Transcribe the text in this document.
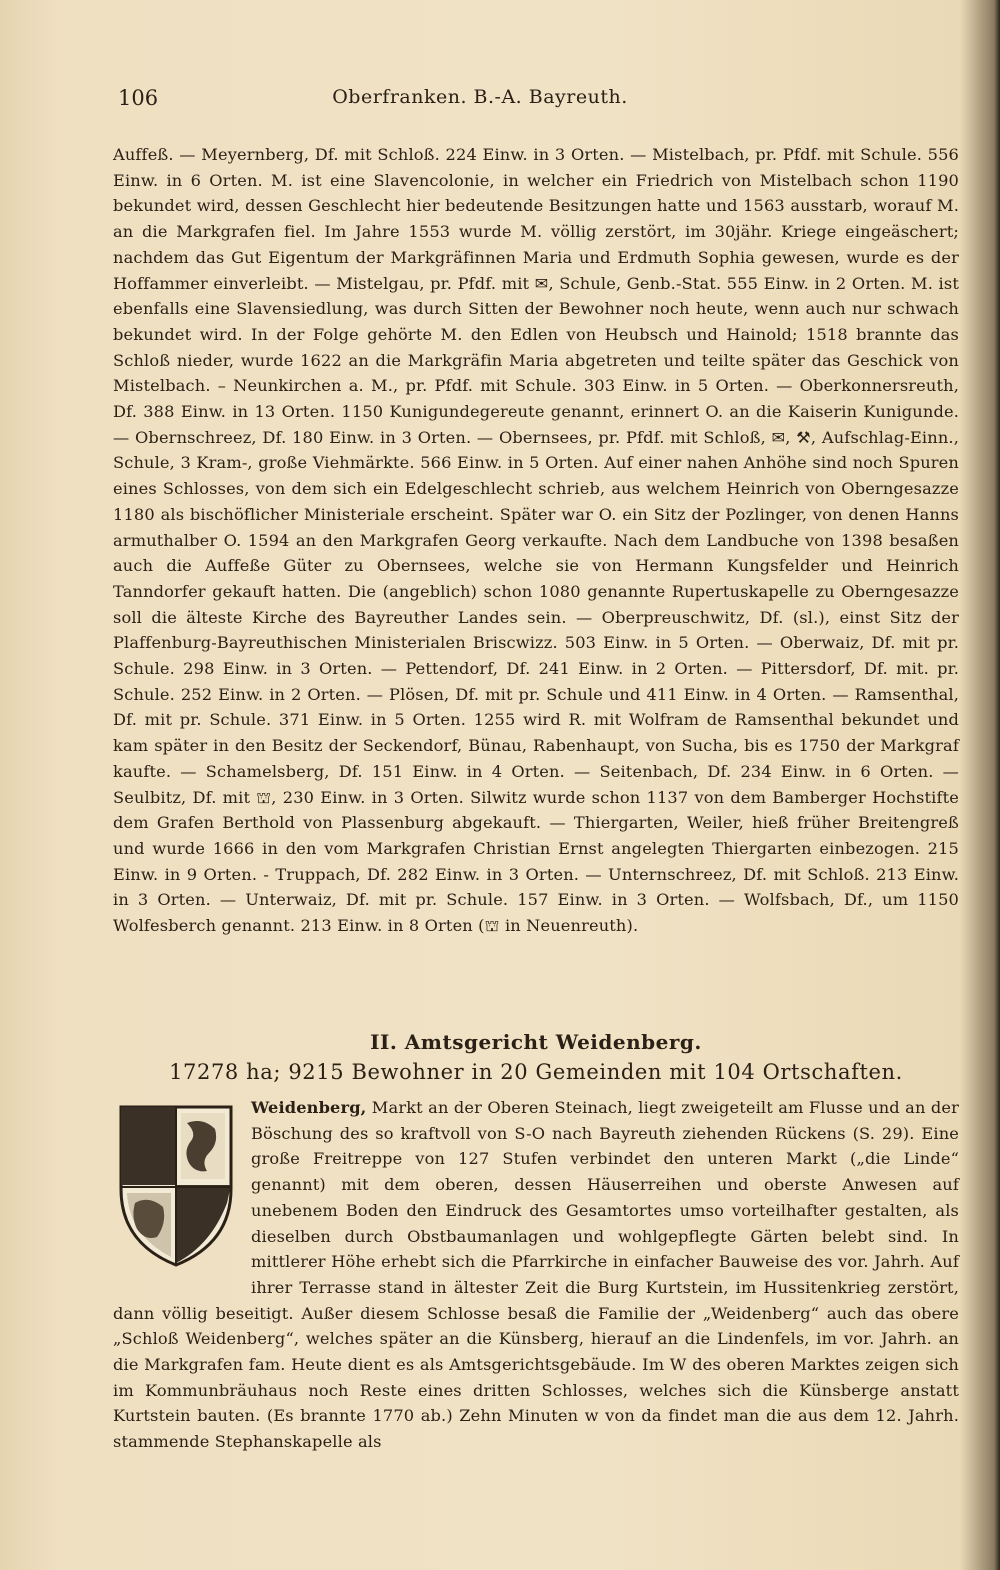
106	Oberfranken. B.-A. Bayreuth.

Auffeß. — Meyernberg, Df. mit Schloß. 224 Einw. in 3 Orten. — Mistelbach, pr. Pfdf. mit Schule. 556 Einw. in 6 Orten. M. ist eine Slavencolonie, in welcher ein Friedrich von Mistelbach schon 1190 bekundet wird, dessen Geschlecht hier bedeutende Besitzungen hatte und 1563 ausstarb, worauf M. an die Markgrafen fiel. Im Jahre 1553 wurde M. völlig zerstört, im 30jähr. Kriege eingeäschert; nachdem das Gut Eigentum der Markgräfinnen Maria und Erdmuth Sophia gewesen, wurde es der Hoffammer einverleibt. — Mistelgau, pr. Pfdf. mit ✉, Schule, Genb.-Stat. 555 Einw. in 2 Orten. M. ist ebenfalls eine Slavensiedlung, was durch Sitten der Bewohner noch heute, wenn auch nur schwach bekundet wird. In der Folge gehörte M. den Edlen von Heubsch und Hainold; 1518 brannte das Schloß nieder, wurde 1622 an die Markgräfin Maria abgetreten und teilte später das Geschick von Mistelbach. – Neunkirchen a. M., pr. Pfdf. mit Schule. 303 Einw. in 5 Orten. — Oberkonnersreuth, Df. 388 Einw. in 13 Orten. 1150 Kunigundegereute genannt, erinnert O. an die Kaiserin Kunigunde. — Obernschreez, Df. 180 Einw. in 3 Orten. — Obernsees, pr. Pfdf. mit Schloß, ✉, ⚒, Aufschlag-Einn., Schule, 3 Kram-, große Viehmärkte. 566 Einw. in 5 Orten. Auf einer nahen Anhöhe sind noch Spuren eines Schlosses, von dem sich ein Edelgeschlecht schrieb, aus welchem Heinrich von Oberngesazze 1180 als bischöflicher Ministeriale erscheint. Später war O. ein Sitz der Pozlinger, von denen Hanns armuthalber O. 1594 an den Markgrafen Georg verkaufte. Nach dem Landbuche von 1398 besaßen auch die Auffeße Güter zu Obernsees, welche sie von Hermann Kungsfelder und Heinrich Tanndorfer gekauft hatten. Die (angeblich) schon 1080 genannte Rupertuskapelle zu Oberngesazze soll die älteste Kirche des Bayreuther Landes sein. — Oberpreuschwitz, Df. (sl.), einst Sitz der Plaffenburg-Bayreuthischen Ministerialen Briscwizz. 503 Einw. in 5 Orten. — Oberwaiz, Df. mit pr. Schule. 298 Einw. in 3 Orten. — Pettendorf, Df. 241 Einw. in 2 Orten. — Pittersdorf, Df. mit. pr. Schule. 252 Einw. in 2 Orten. — Plösen, Df. mit pr. Schule und 411 Einw. in 4 Orten. — Ramsenthal, Df. mit pr. Schule. 371 Einw. in 5 Orten. 1255 wird R. mit Wolfram de Ramsenthal bekundet und kam später in den Besitz der Seckendorf, Bünau, Rabenhaupt, von Sucha, bis es 1750 der Markgraf kaufte. — Schamelsberg, Df. 151 Einw. in 4 Orten. — Seitenbach, Df. 234 Einw. in 6 Orten. — Seulbitz, Df. mit ⛫, 230 Einw. in 3 Orten. Silwitz wurde schon 1137 von dem Bamberger Hochstifte dem Grafen Berthold von Plassenburg abgekauft. — Thiergarten, Weiler, hieß früher Breitengreß und wurde 1666 in den vom Markgrafen Christian Ernst angelegten Thiergarten einbezogen. 215 Einw. in 9 Orten. - Truppach, Df. 282 Einw. in 3 Orten. — Unternschreez, Df. mit Schloß. 213 Einw. in 3 Orten. — Unterwaiz, Df. mit pr. Schule. 157 Einw. in 3 Orten. — Wolfsbach, Df., um 1150 Wolfesberch genannt. 213 Einw. in 8 Orten (⛫ in Neuenreuth).

II. Amtsgericht Weidenberg.
17278 ha; 9215 Bewohner in 20 Gemeinden mit 104 Ortschaften.

Weidenberg, Markt an der Oberen Steinach, liegt zweigeteilt am Flusse und an der Böschung des so kraftvoll von S-O nach Bayreuth ziehenden Rückens (S. 29). Eine große Freitreppe von 127 Stufen verbindet den unteren Markt („die Linde“ genannt) mit dem oberen, dessen Häuserreihen und oberste Anwesen auf unebenem Boden den Eindruck des Gesamtortes umso vorteilhafter gestalten, als dieselben durch Obstbaumanlagen und wohlgepflegte Gärten belebt sind. In mittlerer Höhe erhebt sich die Pfarrkirche in einfacher Bauweise des vor. Jahrh. Auf ihrer Terrasse stand in ältester Zeit die Burg Kurtstein, im Hussitenkrieg zerstört, dann völlig beseitigt. Außer diesem Schlosse besaß die Familie der „Weidenberg“ auch das obere „Schloß Weidenberg“, welches später an die Künsberg, hierauf an die Lindenfels, im vor. Jahrh. an die Markgrafen fam. Heute dient es als Amtsgerichtsgebäude. Im W des oberen Marktes zeigen sich im Kommunbräuhaus noch Reste eines dritten Schlosses, welches sich die Künsberge anstatt Kurtstein bauten. (Es brannte 1770 ab.) Zehn Minuten w von da findet man die aus dem 12. Jahrh. stammende Stephanskapelle als
